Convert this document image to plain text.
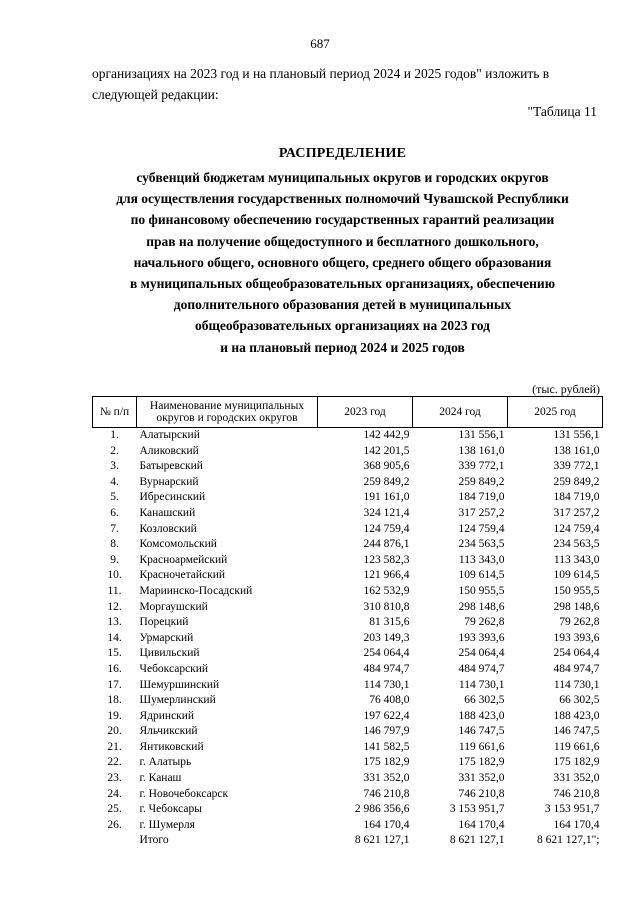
687
организациях на 2023 год и на плановый период 2024 и 2025 годов" изложить в следующей редакции:
"Таблица 11
РАСПРЕДЕЛЕНИЕ
субвенций бюджетам муниципальных округов и городских округов
для осуществления государственных полномочий Чувашской Республики
по финансовому обеспечению государственных гарантий реализации
прав на получение общедоступного и бесплатного дошкольного,
начального общего, основного общего, среднего общего образования
в муниципальных общеобразовательных организациях, обеспечению
дополнительного образования детей в муниципальных
общеобразовательных организациях на 2023 год
и на плановый период 2024 и 2025 годов
(тыс. рублей)
№ п/п	Наименование муниципальных округов и городских округов	2023 год	2024 год	2025 год
1.	Алатырский	142 442,9	131 556,1	131 556,1
2.	Аликовский	142 201,5	138 161,0	138 161,0
3.	Батыревский	368 905,6	339 772,1	339 772,1
4.	Вурнарский	259 849,2	259 849,2	259 849,2
5.	Ибресинский	191 161,0	184 719,0	184 719,0
6.	Канашский	324 121,4	317 257,2	317 257,2
7.	Козловский	124 759,4	124 759,4	124 759,4
8.	Комсомольский	244 876,1	234 563,5	234 563,5
9.	Красноармейский	123 582,3	113 343,0	113 343,0
10.	Красночетайский	121 966,4	109 614,5	109 614,5
11.	Мариинско-Посадский	162 532,9	150 955,5	150 955,5
12.	Моргаушский	310 810,8	298 148,6	298 148,6
13.	Порецкий	81 315,6	79 262,8	79 262,8
14.	Урмарский	203 149,3	193 393,6	193 393,6
15.	Цивильский	254 064,4	254 064,4	254 064,4
16.	Чебоксарский	484 974,7	484 974,7	484 974,7
17.	Шемуршинский	114 730,1	114 730,1	114 730,1
18.	Шумерлинский	76 408,0	66 302,5	66 302,5
19.	Ядринский	197 622,4	188 423,0	188 423,0
20.	Яльчикский	146 797,9	146 747,5	146 747,5
21.	Янтиковский	141 582,5	119 661,6	119 661,6
22.	г. Алатырь	175 182,9	175 182,9	175 182,9
23.	г. Канаш	331 352,0	331 352,0	331 352,0
24.	г. Новочебоксарск	746 210,8	746 210,8	746 210,8
25.	г. Чебоксары	2 986 356,6	3 153 951,7	3 153 951,7
26.	г. Шумерля	164 170,4	164 170,4	164 170,4
	Итого	8 621 127,1	8 621 127,1	8 621 127,1";
